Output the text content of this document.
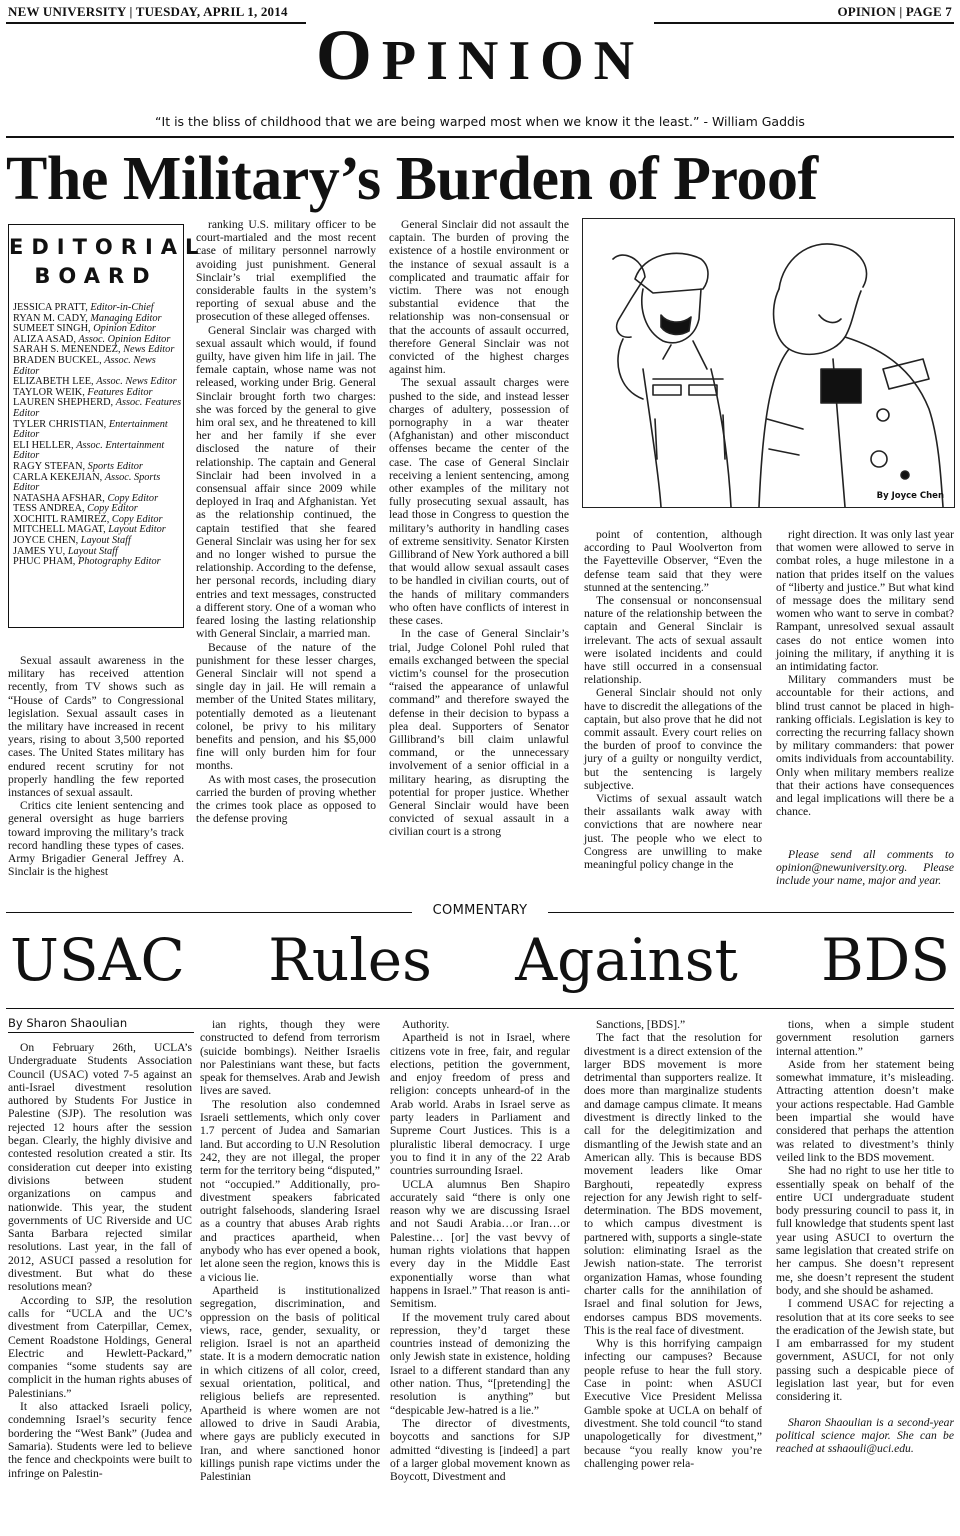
NEW UNIVERSITY | TUESDAY, APRIL 1, 2014	OPINION | PAGE 7
OPINION
“It is the bliss of childhood that we are being warped most when we know it the least.” - William Gaddis
The Military’s Burden of Proof
EDITORIAL
BOARD
JESSICA PRATT, Editor-in-Chief
RYAN M. CADY, Managing Editor
SUMEET SINGH, Opinion Editor
ALIZA ASAD, Assoc. Opinion Editor
SARAH S. MENENDEZ, News Editor
BRADEN BUCKEL, Assoc. News Editor
ELIZABETH LEE, Assoc. News Editor
TAYLOR WEIK, Features Editor
LAUREN SHEPHERD, Assoc. Features Editor
TYLER CHRISTIAN, Entertainment Editor
ELI HELLER, Assoc. Entertainment Editor
RAGY STEFAN, Sports Editor
CARLA KEKEJIAN, Assoc. Sports Editor
NATASHA AFSHAR, Copy Editor
TESS ANDREA, Copy Editor
XOCHITL RAMIREZ, Copy Editor
MITCHELL MAGAT, Layout Editor
JOYCE CHEN, Layout Staff
JAMES YU, Layout Staff
PHUC PHAM, Photography Editor

Sexual assault awareness in the military has received attention recently, from TV shows such as “House of Cards” to Congressional legislation. Sexual assault cases in the military have increased in recent years, rising to about 3,500 reported cases. The United States military has endured recent scrutiny for not properly handling the few reported instances of sexual assault.

Critics cite lenient sentencing and general oversight as huge barriers toward improving the military’s track record handling these types of cases. Army Brigadier General Jeffrey A. Sinclair is the highest

ranking U.S. military officer to be court-martialed and the most recent case of military personnel narrowly avoiding just punishment. General Sinclair’s trial exemplified the considerable faults in the system’s reporting of sexual abuse and the prosecution of these alleged offenses.

General Sinclair was charged with sexual assault which would, if found guilty, have given him life in jail. The female captain, whose name was not released, working under Brig. General Sinclair brought forth two charges: she was forced by the general to give him oral sex, and he threatened to kill her and her family if she ever disclosed the nature of their relationship. The captain and General Sinclair had been involved in a consensual affair since 2009 while deployed in Iraq and Afghanistan. Yet as the relationship continued, the captain testified that she feared General Sinclair was using her for sex and no longer wished to pursue the relationship. According to the defense, her personal records, including diary entries and text messages, constructed a different story. One of a woman who feared losing the lasting relationship with General Sinclair, a married man.

Because of the nature of the punishment for these lesser charges, General Sinclair will not spend a single day in jail. He will remain a member of the United States military, potentially demoted as a lieutenant colonel, be privy to his military benefits and pension, and his $5,000 fine will only burden him for four months.

As with most cases, the prosecution carried the burden of proving whether the crimes took place as opposed to the defense proving

General Sinclair did not assault the captain. The burden of proving the existence of a hostile environment or the instance of sexual assault is a complicated and traumatic affair for victim. There was not enough substantial evidence that the relationship was non-consensual or that the accounts of assault occurred, therefore General Sinclair was not convicted of the highest charges against him.

The sexual assault charges were pushed to the side, and instead lesser charges of adultery, possession of pornography in a war theater (Afghanistan) and other misconduct offenses became the center of the case. The case of General Sinclair receiving a lenient sentencing, among other examples of the military not fully prosecuting sexual assault, has lead those in Congress to question the military’s authority in handling cases of extreme sensitivity. Senator Kirsten Gillibrand of New York authored a bill that would allow sexual assault cases to be handled in civilian courts, out of the hands of military commanders who often have conflicts of interest in these cases.

In the case of General Sinclair’s trial, Judge Colonel Pohl ruled that emails exchanged between the special victim’s counsel for the prosecution “raised the appearance of unlawful command” and therefore swayed the defense in their decision to bypass a plea deal. Supporters of Senator Gillibrand’s bill claim unlawful command, or the unnecessary involvement of a senior official in a military hearing, as disrupting the potential for proper justice. Whether General Sinclair would have been convicted of sexual assault in a civilian court is a strong

point of contention, although according to Paul Woolverton from the Fayetteville Observer, “Even the defense team said that they were stunned at the sentencing.”

The consensual or nonconsensual nature of the relationship between the captain and General Sinclair is irrelevant. The acts of sexual assault were isolated incidents and could have still occurred in a consensual relationship.

General Sinclair should not only have to discredit the allegations of the captain, but also prove that he did not commit assault. Every court relies on the burden of proof to convince the jury of a guilty or nonguilty verdict, but the sentencing is largely subjective.

Victims of sexual assault watch their assailants walk away with convictions that are nowhere near just. The people who we elect to Congress are unwilling to make meaningful policy change in the

right direction. It was only last year that women were allowed to serve in combat roles, a huge milestone in a nation that prides itself on the values of “liberty and justice.” But what kind of message does the military send women who want to serve in combat? Rampant, unresolved sexual assault cases do not entice women into joining the military, if anything it is an intimidating factor.

Military commanders must be accountable for their actions, and blind trust cannot be placed in high-ranking officials. Legislation is key to correcting the recurring fallacy shown by military commanders: that power omits individuals from accountability. Only when military members realize that their actions have consequences and legal implications will there be a chance.

Please send all comments to opinion@newuniversity.org. Please include your name, major and year.

By Joyce Chen
COMMENTARY
USAC Rules Against BDS
By Sharon Shaoulian

On February 26th, UCLA’s Undergraduate Students Association Council (USAC) voted 7-5 against an anti-Israel divestment resolution authored by Students For Justice in Palestine (SJP). The resolution was rejected 12 hours after the session began. Clearly, the highly divisive and contested resolution created a stir. Its consideration cut deeper into existing divisions between student organizations on campus and nationwide. This year, the student governments of UC Riverside and UC Santa Barbara rejected similar resolutions. Last year, in the fall of 2012, ASUCI passed a resolution for divestment. But what do these resolutions mean?

According to SJP, the resolution calls for “UCLA and the UC’s divestment from Caterpillar, Cemex, Cement Roadstone Holdings, General Electric and Hewlett-Packard,” companies “some students say are complicit in the human rights abuses of Palestinians.”

It also attacked Israeli policy, condemning Israel’s security fence bordering the “West Bank” (Judea and Samaria). Students were led to believe the fence and checkpoints were built to infringe on Palestin-

ian rights, though they were constructed to defend from terrorism (suicide bombings). Neither Israelis nor Palestinians want these, but facts speak for themselves. Arab and Jewish lives are saved.

The resolution also condemned Israeli settlements, which only cover 1.7 percent of Judea and Samarian land. But according to U.N Resolution 242, they are not illegal, the proper term for the territory being “disputed,” not “occupied.” Additionally, pro-divestment speakers fabricated outright falsehoods, slandering Israel as a country that abuses Arab rights and practices apartheid, when anybody who has ever opened a book, let alone seen the region, knows this is a vicious lie.

Apartheid is institutionalized segregation, discrimination, and oppression on the basis of political views, race, gender, sexuality, or religion. Israel is not an apartheid state. It is a modern democratic nation in which citizens of all color, creed, sexual orientation, political, and religious beliefs are represented. Apartheid is where women are not allowed to drive in Saudi Arabia, where gays are publicly executed in Iran, and where sanctioned honor killings punish rape victims under the Palestinian

Authority.

Apartheid is not in Israel, where citizens vote in free, fair, and regular elections, petition the government, and enjoy freedom of press and religion: concepts unheard-of in the Arab world. Arabs in Israel serve as party leaders in Parliament and Supreme Court Justices. This is a pluralistic liberal democracy. I urge you to find it in any of the 22 Arab countries surrounding Israel.

UCLA alumnus Ben Shapiro accurately said “there is only one reason why we are discussing Israel and not Saudi Arabia…or Iran…or Palestine… [or] the vast bevvy of human rights violations that happen every day in the Middle East exponentially worse than what happens in Israel.” That reason is anti-Semitism.

If the movement truly cared about repression, they’d target these countries instead of demonizing the only Jewish state in existence, holding Israel to a different standard than any other nation. Thus, “[pretending] the resolution is anything” but “despicable Jew-hatred is a lie.”

The director of divestments, boycotts and sanctions for SJP admitted “divesting is [indeed] a part of a larger global movement known as Boycott, Divestment and

Sanctions, [BDS].”

The fact that the resolution for divestment is a direct extension of the larger BDS movement is more detrimental than supporters realize. It does more than marginalize students and damage campus climate. It means divestment is directly linked to the call for the delegitimization and dismantling of the Jewish state and an American ally. This is because BDS movement leaders like Omar Barghouti, repeatedly express rejection for any Jewish right to self-determination. The BDS movement, to which campus divestment is partnered with, supports a single-state solution: eliminating Israel as the Jewish nation-state. The terrorist organization Hamas, whose founding charter calls for the annihilation of Israel and final solution for Jews, endorses campus BDS movements. This is the real face of divestment.

Why is this horrifying campaign infecting our campuses? Because people refuse to hear the full story. Case in point: when ASUCI Executive Vice President Melissa Gamble spoke at UCLA on behalf of divestment. She told council “to stand unapologetically for divestment,” because “you really know you’re challenging power rela-

tions, when a simple student government resolution garners internal attention.”

Aside from her statement being somewhat immature, it’s misleading. Attracting attention doesn’t make your actions respectable. Had Gamble been impartial she would have considered that perhaps the attention was related to divestment’s thinly veiled link to the BDS movement.

She had no right to use her title to essentially speak on behalf of the entire UCI undergraduate student body pressuring council to pass it, in full knowledge that students spent last year using ASUCI to overturn the same legislation that created strife on her campus. She doesn’t represent me, she doesn’t represent the student body, and she should be ashamed.

I commend USAC for rejecting a resolution that at its core seeks to see the eradication of the Jewish state, but I am embarrassed for my student government, ASUCI, for not only passing such a despicable piece of legislation last year, but for even considering it.

Sharon Shaoulian is a second-year political science major. She can be reached at sshaouli@uci.edu.
